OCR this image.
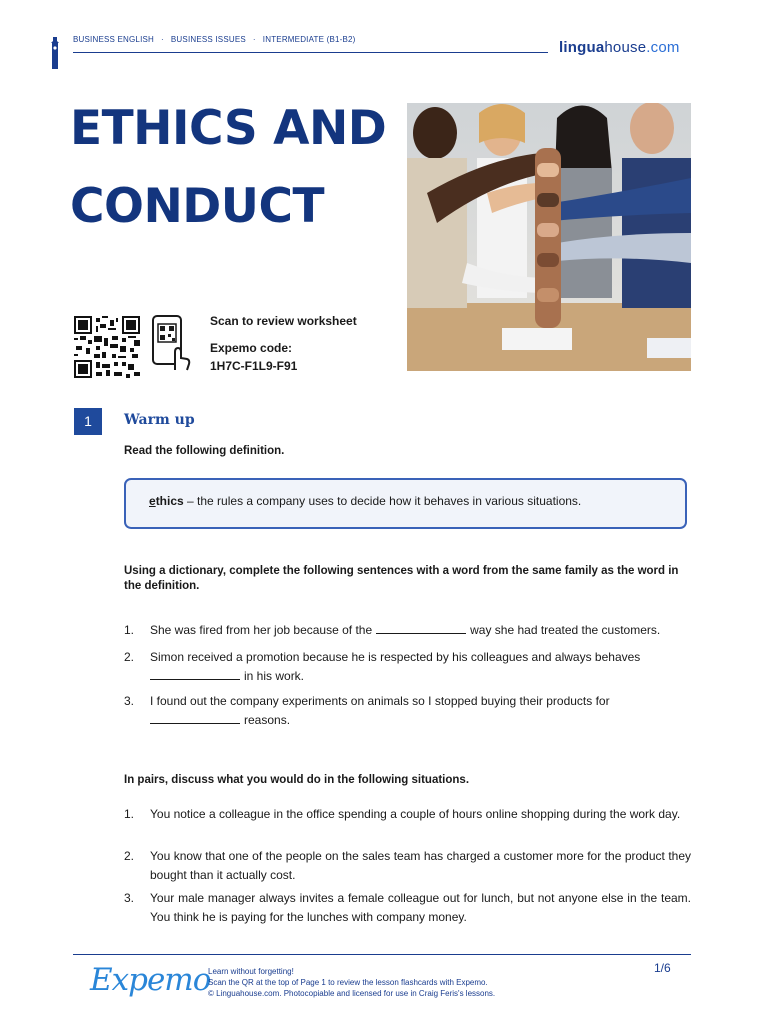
BUSINESS ENGLISH · BUSINESS ISSUES · INTERMEDIATE (B1-B2)	linguahouse.com
ETHICS AND
CONDUCT
Scan to review worksheet
Expemo code:
1H7C-F1L9-F91
1	Warm up
Read the following definition.
ethics – the rules a company uses to decide how it behaves in various situations.
Using a dictionary, complete the following sentences with a word from the same family as the word in the definition.
1. She was fired from her job because of the	way she had treated the customers.
2. Simon received a promotion because he is respected by his colleagues and always behaves
in his work.
3. I found out the company experiments on animals so I stopped buying their products for
reasons.
In pairs, discuss what you would do in the following situations.
1. You notice a colleague in the office spending a couple of hours online shopping during the work day.
2. You know that one of the people on the sales team has charged a customer more for the product they bought than it actually cost.
3. Your male manager always invites a female colleague out for lunch, but not anyone else in the team. You think he is paying for the lunches with company money.
Expemo
Learn without forgetting!
Scan the QR at the top of Page 1 to review the lesson flashcards with Expemo.
© Linguahouse.com. Photocopiable and licensed for use in Craig Feris's lessons.
1/6
